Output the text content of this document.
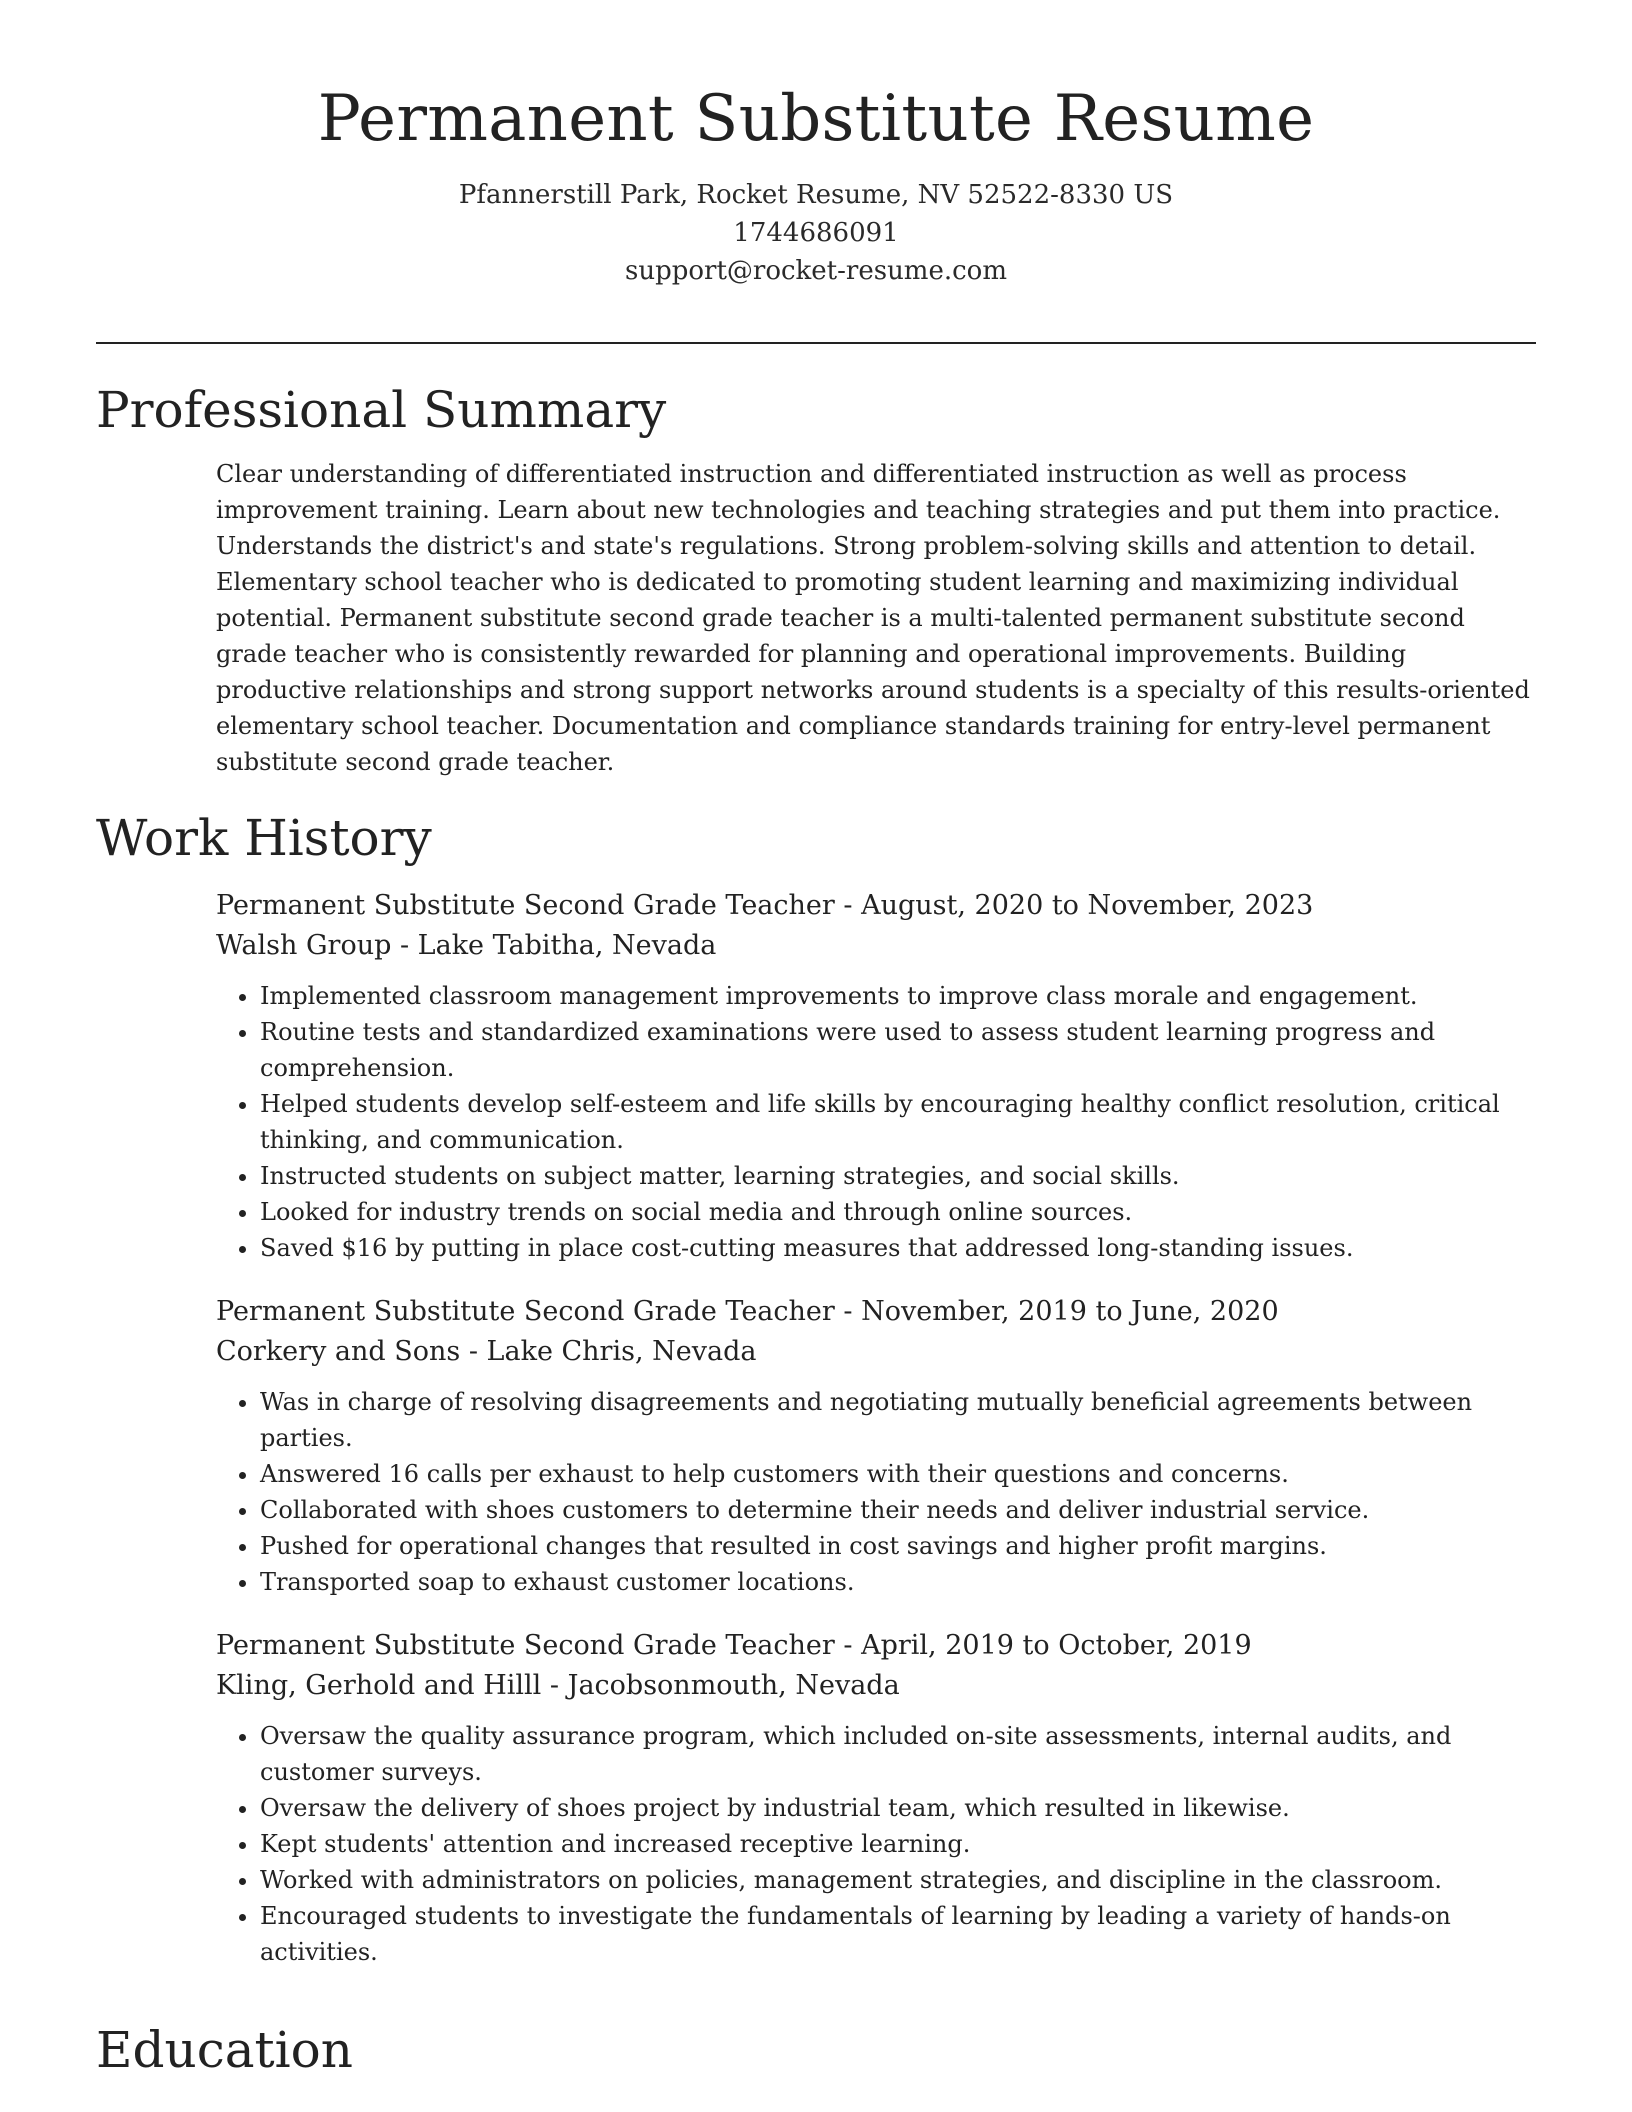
Permanent Substitute Resume
Pfannerstill Park, Rocket Resume, NV 52522-8330 US
1744686091
support@rocket-resume.com
Professional Summary

Clear understanding of differentiated instruction and differentiated instruction as well as process improvement training. Learn about new technologies and teaching strategies and put them into practice. Understands the district's and state's regulations. Strong problem-solving skills and attention to detail. Elementary school teacher who is dedicated to promoting student learning and maximizing individual potential. Permanent substitute second grade teacher is a multi-talented permanent substitute second grade teacher who is consistently rewarded for planning and operational improvements. Building productive relationships and strong support networks around students is a specialty of this results-oriented elementary school teacher. Documentation and compliance standards training for entry-level permanent substitute second grade teacher.

Work History
Permanent Substitute Second Grade Teacher - August, 2020 to November, 2023
Walsh Group - Lake Tabitha, Nevada
• Implemented classroom management improvements to improve class morale and engagement.
• Routine tests and standardized examinations were used to assess student learning progress and comprehension.
• Helped students develop self-esteem and life skills by encouraging healthy conflict resolution, critical thinking, and communication.
• Instructed students on subject matter, learning strategies, and social skills.
• Looked for industry trends on social media and through online sources.
• Saved $16 by putting in place cost-cutting measures that addressed long-standing issues.
Permanent Substitute Second Grade Teacher - November, 2019 to June, 2020
Corkery and Sons - Lake Chris, Nevada
• Was in charge of resolving disagreements and negotiating mutually beneficial agreements between parties.
• Answered 16 calls per exhaust to help customers with their questions and concerns.
• Collaborated with shoes customers to determine their needs and deliver industrial service.
• Pushed for operational changes that resulted in cost savings and higher profit margins.
• Transported soap to exhaust customer locations.
Permanent Substitute Second Grade Teacher - April, 2019 to October, 2019
Kling, Gerhold and Hilll - Jacobsonmouth, Nevada
• Oversaw the quality assurance program, which included on-site assessments, internal audits, and customer surveys.
• Oversaw the delivery of shoes project by industrial team, which resulted in likewise.
• Kept students' attention and increased receptive learning.
• Worked with administrators on policies, management strategies, and discipline in the classroom.
• Encouraged students to investigate the fundamentals of learning by leading a variety of hands-on activities.
Education
